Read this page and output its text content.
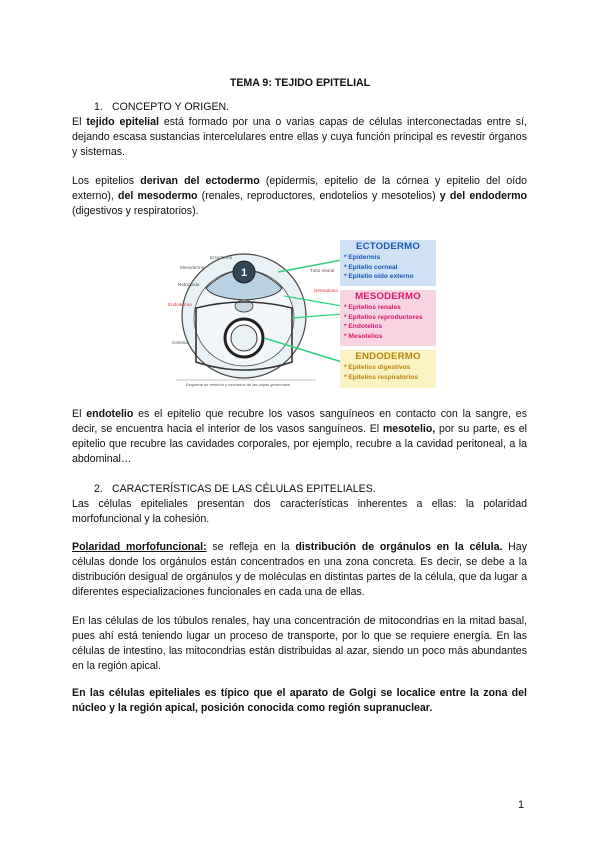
TEMA 9: TEJIDO EPITELIAL
1. CONCEPTO Y ORIGEN.
El tejido epitelial está formado por una o varias capas de células interconectadas entre sí, dejando escasa sustancias intercelulares entre ellas y cuya función principal es revestir órganos y sistemas.
Los epitelios derivan del ectodermo (epidermis, epitelio de la córnea y epitelio del oído externo), del mesodermo (renales, reproductores, endotelios y mesotelios) y del endodermo (digestivos y respiratorios).
1
Ectodermo
Mesodermo
Notocorda
Endodermo
Celoma
Dermatomo
Tubo neural
Esquema de embrión y derivados de las capas germinales
ECTODERMO
* Epidermis
* Epitelio corneal
* Epitelio oído externo
MESODERMO
* Epitelios renales
* Epitelios reproductores
* Endotelios
* Mesotelios
ENDODERMO
* Epitelios digestivos
* Epitelios respiratorios
El endotelio es el epitelio que recubre los vasos sanguíneos en contacto con la sangre, es decir, se encuentra hacia el interior de los vasos sanguíneos. El mesotelio, por su parte, es el epitelio que recubre las cavidades corporales, por ejemplo, recubre a la cavidad peritoneal, a la abdominal…
2. CARACTERÍSTICAS DE LAS CÉLULAS EPITELIALES.
Las células epiteliales presentan dos características inherentes a ellas: la polaridad morfofuncional y la cohesión.
Polaridad morfofuncional: se refleja en la distribución de orgánulos en la célula. Hay células donde los orgánulos están concentrados en una zona concreta. Es decir, se debe a la distribución desigual de orgánulos y de moléculas en distintas partes de la célula, que da lugar a diferentes especializaciones funcionales en cada una de ellas.
En las células de los túbulos renales, hay una concentración de mitocondrias en la mitad basal, pues ahí está teniendo lugar un proceso de transporte, por lo que se requiere energía. En las células de intestino, las mitocondrias están distribuidas al azar, siendo un poco más abundantes en la región apical.
En las células epiteliales es típico que el aparato de Golgi se localice entre la zona del núcleo y la región apical, posición conocida como región supranuclear.
1
